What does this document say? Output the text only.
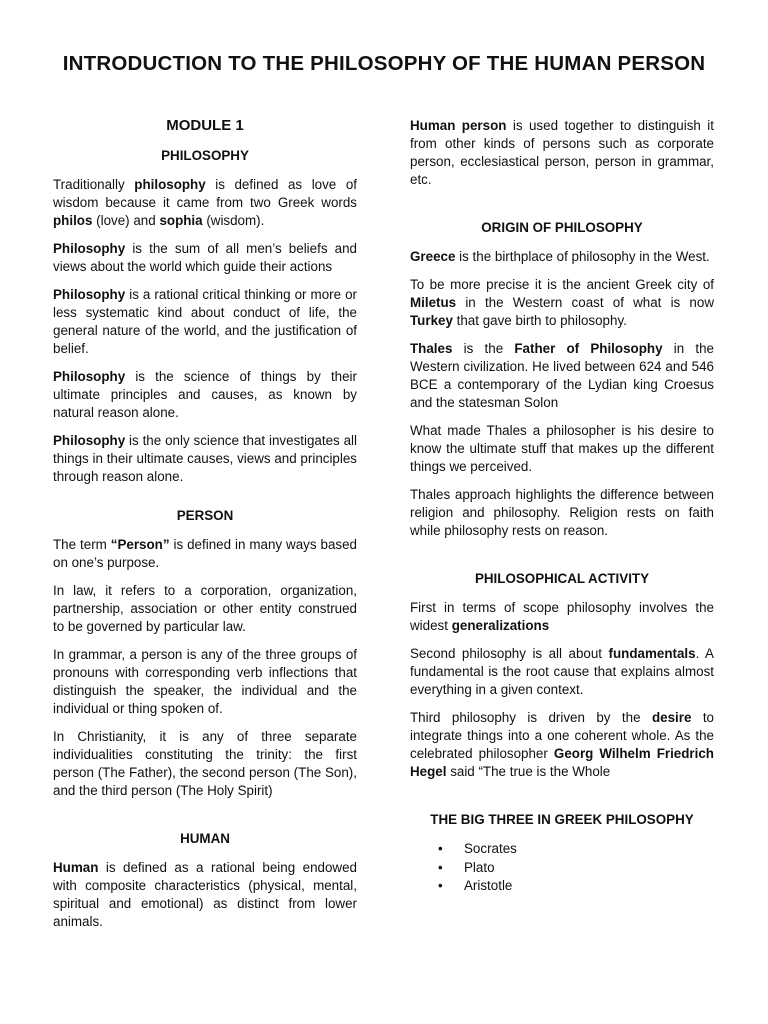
INTRODUCTION TO THE PHILOSOPHY OF THE HUMAN PERSON
MODULE 1
PHILOSOPHY

Traditionally philosophy is defined as love of wisdom because it came from two Greek words philos (love) and sophia (wisdom).

Philosophy is the sum of all men’s beliefs and views about the world which guide their actions

Philosophy is a rational critical thinking or more or less systematic kind about conduct of life, the general nature of the world, and the justification of belief.

Philosophy is the science of things by their ultimate principles and causes, as known by natural reason alone.

Philosophy is the only science that investigates all things in their ultimate causes, views and principles through reason alone.

PERSON

The term “Person” is defined in many ways based on one’s purpose.

In law, it refers to a corporation, organization, partnership, association or other entity construed to be governed by particular law.

In grammar, a person is any of the three groups of pronouns with corresponding verb inflections that distinguish the speaker, the individual and the individual or thing spoken of.

In Christianity, it is any of three separate individualities constituting the trinity: the first person (The Father), the second person (The Son), and the third person (The Holy Spirit)

HUMAN

Human is defined as a rational being endowed with composite characteristics (physical, mental, spiritual and emotional) as distinct from lower animals.

Human person is used together to distinguish it from other kinds of persons such as corporate person, ecclesiastical person, person in grammar, etc.

ORIGIN OF PHILOSOPHY

Greece is the birthplace of philosophy in the West.

To be more precise it is the ancient Greek city of Miletus in the Western coast of what is now Turkey that gave birth to philosophy.

Thales is the Father of Philosophy in the Western civilization. He lived between 624 and 546 BCE a contemporary of the Lydian king Croesus and the statesman Solon

What made Thales a philosopher is his desire to know the ultimate stuff that makes up the different things we perceived.

Thales approach highlights the difference between religion and philosophy. Religion rests on faith while philosophy rests on reason.

PHILOSOPHICAL ACTIVITY

First in terms of scope philosophy involves the widest generalizations

Second philosophy is all about fundamentals. A fundamental is the root cause that explains almost everything in a given context.

Third philosophy is driven by the desire to integrate things into a one coherent whole. As the celebrated philosopher Georg Wilhelm Friedrich Hegel said “The true is the Whole

THE BIG THREE IN GREEK PHILOSOPHY
• Socrates
• Plato
• Aristotle
